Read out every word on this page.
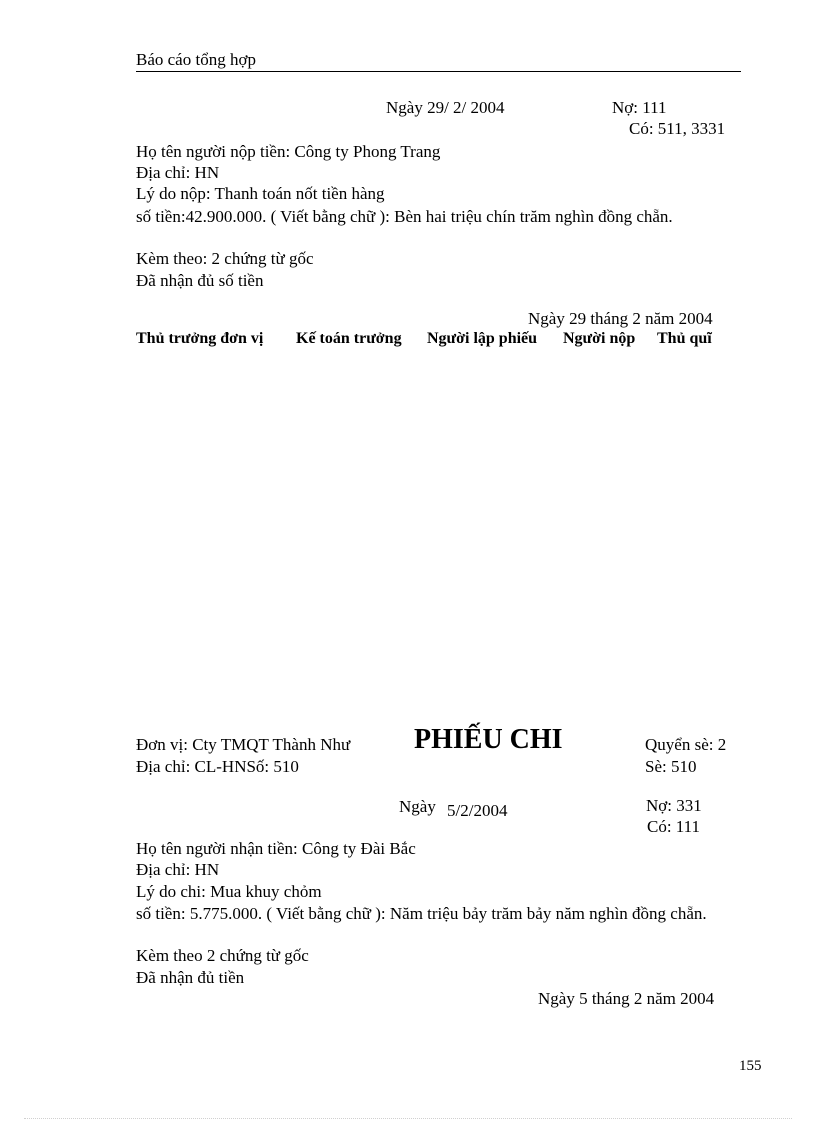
Báo cáo tổng hợp
Ngày 29/ 2/ 2004	Nợ: 111
Có: 511, 3331
Họ tên người nộp tiền: Công ty Phong Trang
Địa chỉ: HN
Lý do nộp: Thanh toán nốt tiền hàng
số tiền:42.900.000. ( Viết bằng chữ ): Bèn hai triệu chín trăm nghìn đồng chẵn.
Kèm theo: 2 chứng từ gốc
Đã nhận đủ số tiền
Ngày 29 tháng 2 năm 2004
Thủ trưởng đơn vị Kế toán trưởng Người lập phiếu Người nộp Thủ quĩ
Đơn vị: Cty TMQT Thành Như PHIẾU CHI	Quyển sè: 2
Địa chỉ: CL-HNSố: 510	Sè: 510
Ngày 5/2/2004	Nợ: 331
Có: 111
Họ tên người nhận tiền: Công ty Đài Bắc
Địa chỉ: HN
Lý do chi: Mua khuy chỏm
số tiền: 5.775.000. ( Viết bằng chữ ): Năm triệu bảy trăm bảy năm nghìn đồng chẵn.
Kèm theo 2 chứng từ gốc
Đã nhận đủ tiền
Ngày 5 tháng 2 năm 2004
155
